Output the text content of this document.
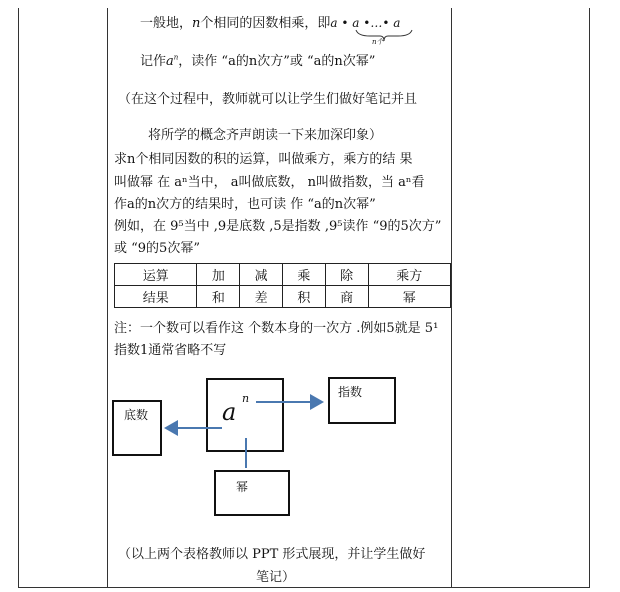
一般地，n个相同的因数相乘，即a • a •…• a
n个
记作$a^n$，读作 “a的n次方”或 “a的n次幂”
（在这个过程中，教师就可以让学生们做好笔记并且
将所学的概念齐声朗读一下来加深印象）
求n个相同因数的积的运算，叫做乘方，乘方的结 果
叫做幂 在 aⁿ当中， a叫做底数， n叫做指数，当 aⁿ看
作a的n次方的结果时，也可读 作 “a的n次幂”
例如，在 9⁵当中 ,9是底数 ,5是指数 ,9⁵读作 “9的5次方”
或 “9的5次幂”
运算	加	减	乘	除	乘方
结果	和	差	积	商	幂
注：一个数可以看作这 个数本身的一次方 .例如5就是 5¹
指数1通常省略不写
底数	a n	指数
幂
（以上两个表格教师以 PPT 形式展现，并让学生做好
笔记）
